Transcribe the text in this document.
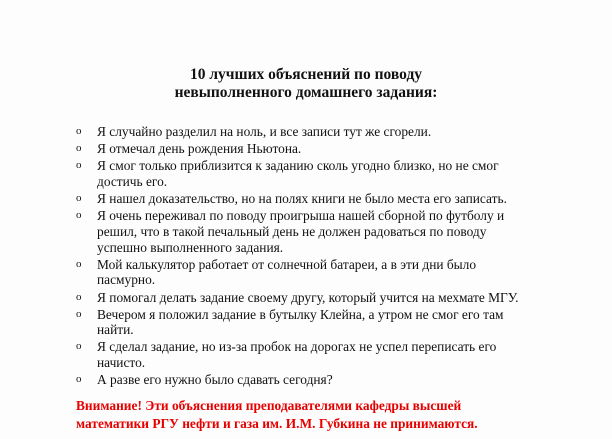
10 лучших объяснений по поводу
невыполненного домашнего задания:
o Я случайно разделил на ноль, и все записи тут же сгорели.
o Я отмечал день рождения Ньютона.
o Я смог только приблизится к заданию сколь угодно близко, но не смог
достичь его.
o Я нашел доказательство, но на полях книги не было места его записать.
o Я очень переживал по поводу проигрыша нашей сборной по футболу и
решил, что в такой печальный день не должен радоваться по поводу
успешно выполненного задания.
o Мой калькулятор работает от солнечной батареи, а в эти дни было
пасмурно.
o Я помогал делать задание своему другу, который учится на мехмате МГУ.
o Вечером я положил задание в бутылку Клейна, а утром не смог его там
найти.
o Я сделал задание, но из-за пробок на дорогах не успел переписать его
начисто.
o А разве его нужно было сдавать сегодня?

Внимание! Эти объяснения преподавателями кафедры высшей
математики РГУ нефти и газа им. И.М. Губкина не принимаются.
